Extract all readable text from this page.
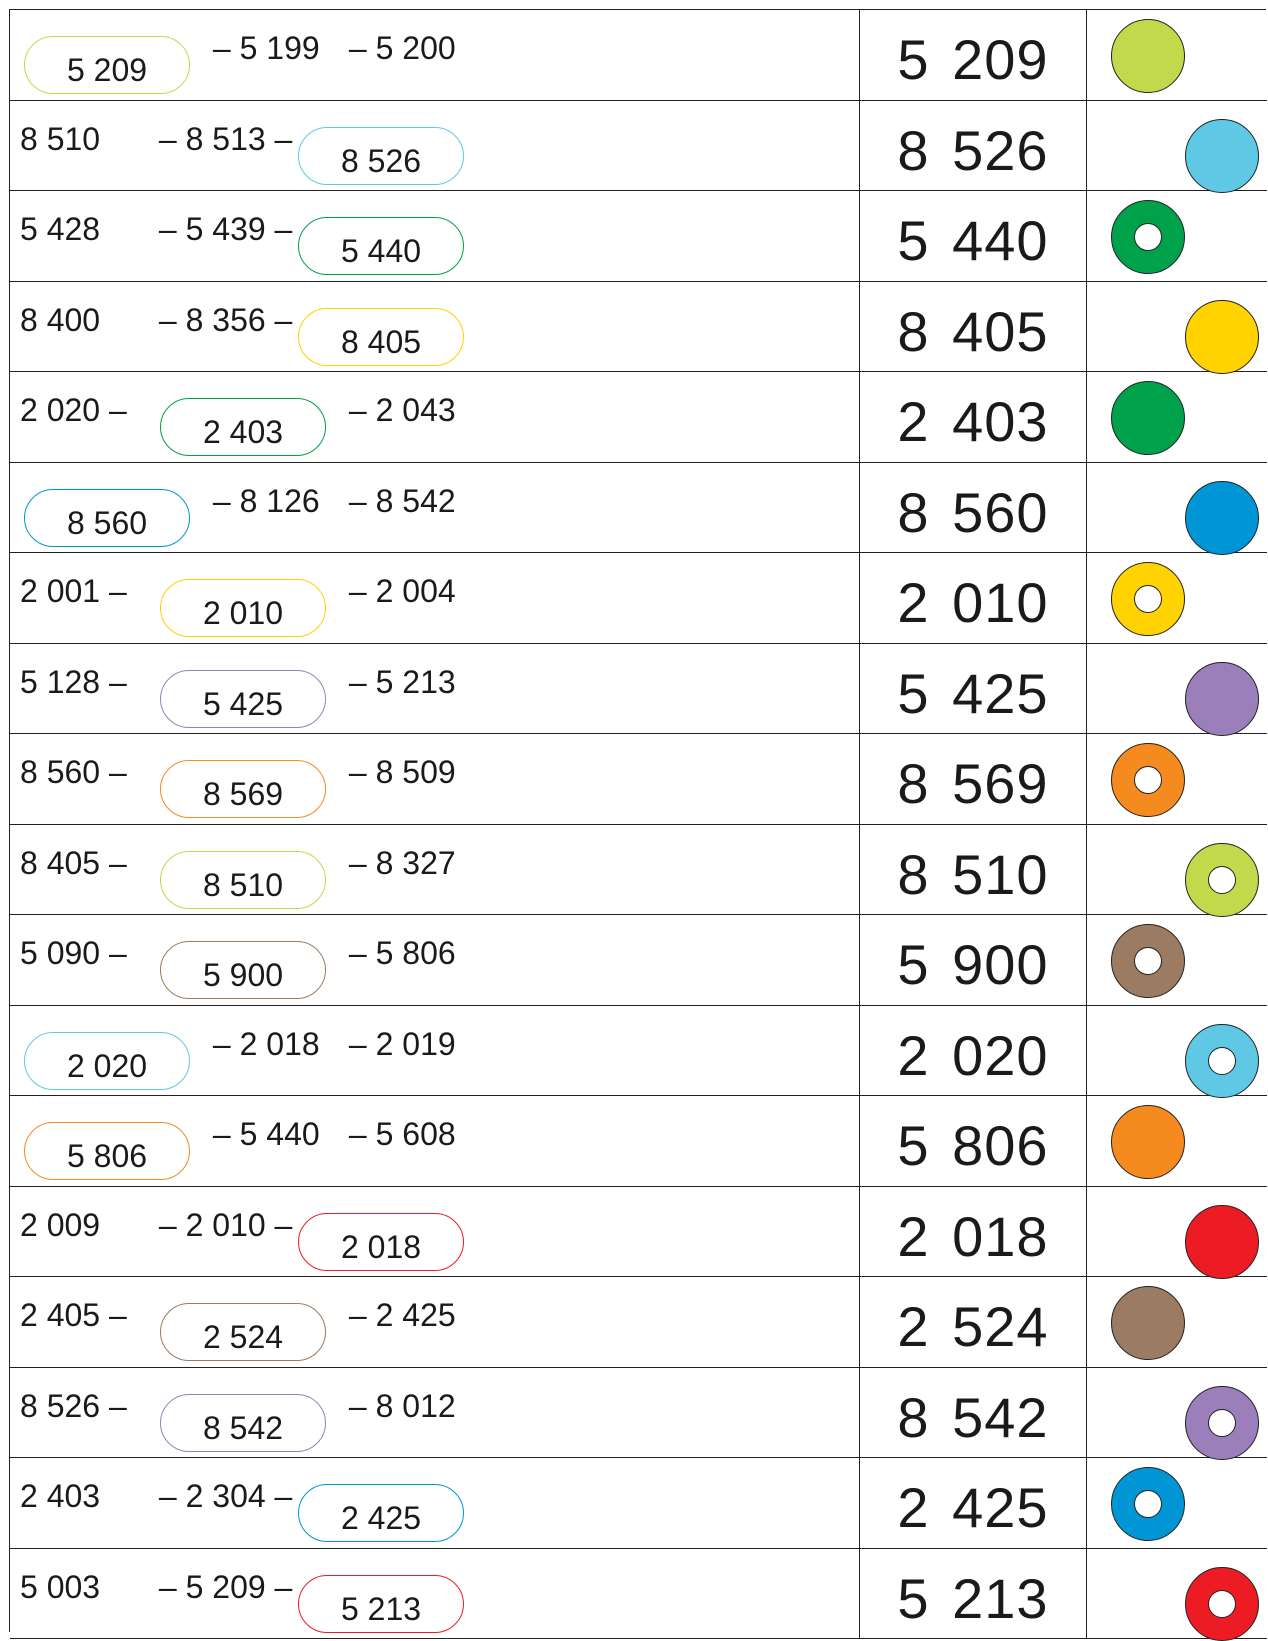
5 209
– 5 199 – 5 200	5 209
8 510 – 8 513 –
8 526	8 526
5 428 – 5 439 –
5 440	5 440
8 400 – 8 356 –
8 405	8 405
2 020 –
2 403
– 2 043	2 403
8 560
– 8 126 – 8 542	8 560
2 001 –
2 010
– 2 004	2 010
5 128 –
5 425
– 5 213	5 425
8 560 –
8 569
– 8 509	8 569
8 405 –
8 510
– 8 327	8 510
5 090 –
5 900
– 5 806	5 900
2 020
– 2 018 – 2 019	2 020
5 806
– 5 440 – 5 608	5 806
2 009 – 2 010 –
2 018	2 018
2 405 –
2 524
– 2 425	2 524
8 526 –
8 542
– 8 012	8 542
2 403 – 2 304 –
2 425	2 425
5 003 – 5 209 –
5 213	5 213
